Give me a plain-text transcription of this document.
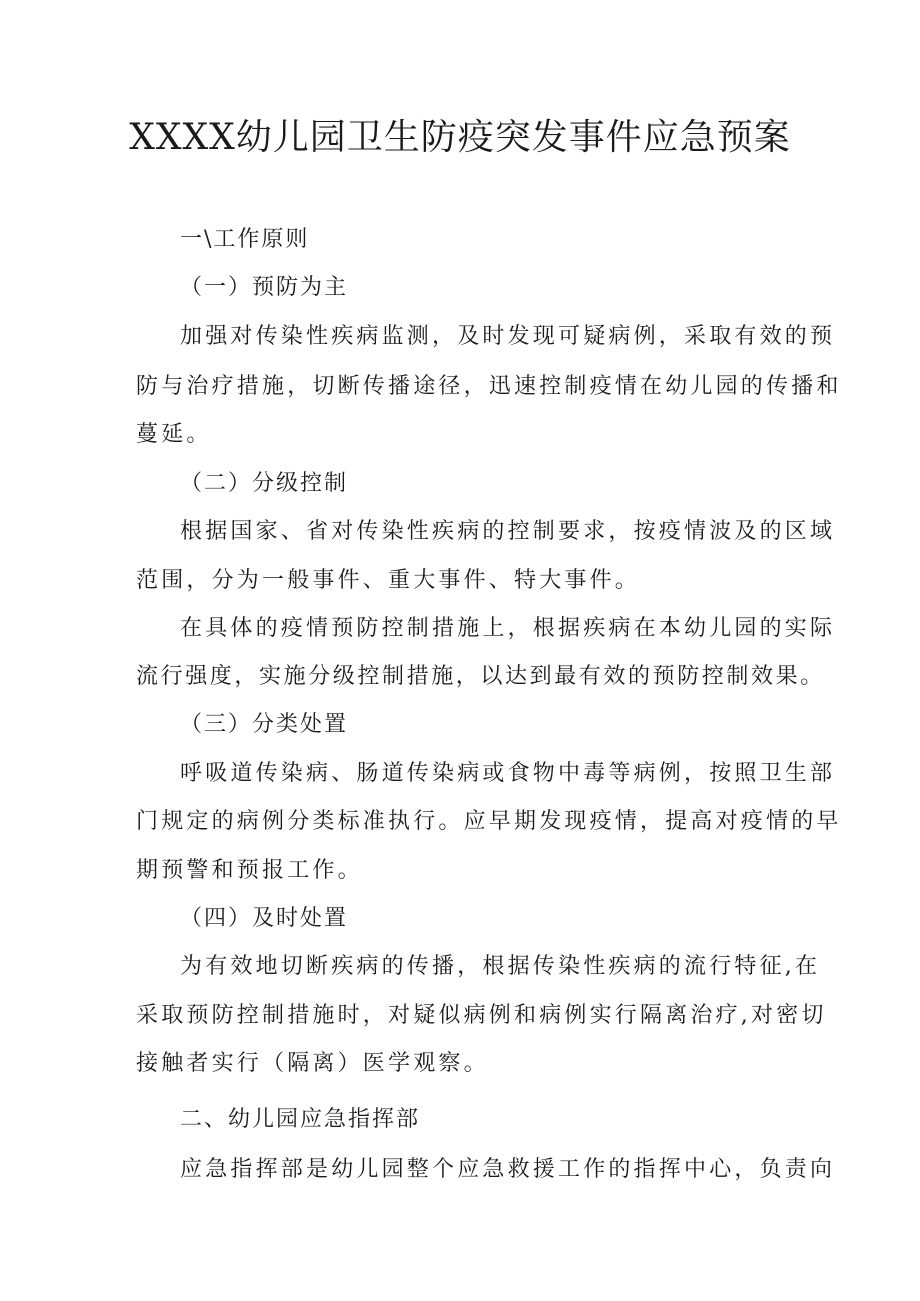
XXXX幼儿园卫生防疫突发事件应急预案

一\工作原则

（一）预防为主

加强对传染性疾病监测，及时发现可疑病例，采取有效的预

防与治疗措施，切断传播途径，迅速控制疫情在幼儿园的传播和

蔓延。

（二）分级控制

根据国家、省对传染性疾病的控制要求，按疫情波及的区域

范围，分为一般事件、重大事件、特大事件。

在具体的疫情预防控制措施上，根据疾病在本幼儿园的实际

流行强度，实施分级控制措施，以达到最有效的预防控制效果。

（三）分类处置

呼吸道传染病、肠道传染病或食物中毒等病例，按照卫生部

门规定的病例分类标准执行。应早期发现疫情，提高对疫情的早

期预警和预报工作。

（四）及时处置

为有效地切断疾病的传播，根据传染性疾病的流行特征,在

采取预防控制措施时，对疑似病例和病例实行隔离治疗,对密切

接触者实行（隔离）医学观察。

二、幼儿园应急指挥部

应急指挥部是幼儿园整个应急救援工作的指挥中心，负责向
